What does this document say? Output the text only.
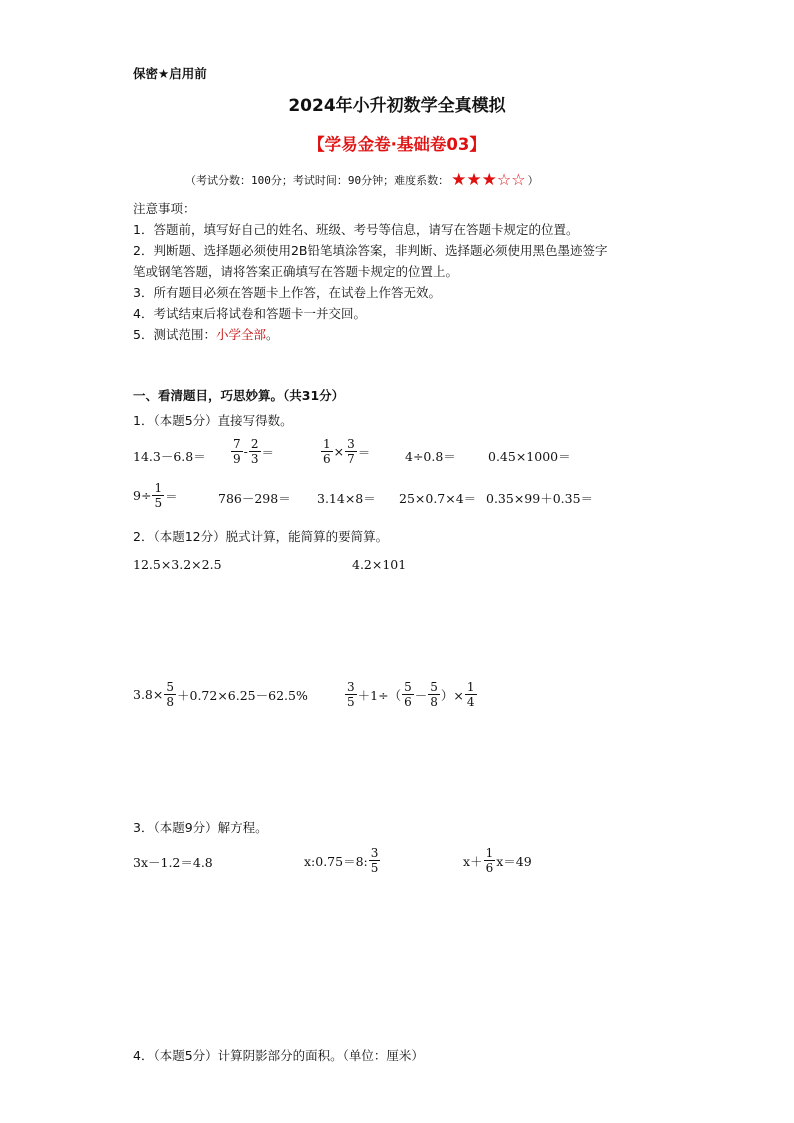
保密★启用前
2024年小升初数学全真模拟
【学易金卷·基础卷03】
（考试分数：100分；考试时间：90分钟；难度系数： ★ ★ ★ ☆ ☆ ）
注意事项：
1．答题前，填写好自己的姓名、班级、考号等信息，请写在答题卡规定的位置。
2．判断题、选择题必须使用2B铅笔填涂答案，非判断、选择题必须使用黑色墨迹签字
笔或钢笔答题，请将答案正确填写在答题卡规定的位置上。
3．所有题目必须在答题卡上作答，在试卷上作答无效。
4．考试结束后将试卷和答题卡一并交回。
5．测试范围：小学全部。
一、看清题目，巧思妙算。（共31分）
1．（本题5分）直接写得数。
$14.3-6.8= \frac{7}{9} - \frac{2}{3}$ ＝	$\frac{1}{6} \times \frac{3}{7}$ ＝	4÷0.8＝	0.45×1000＝
$9\div \frac{1}{5}$ ＝	786－298＝ 3.14×8＝ 25×0.7×4＝ 0.35×99＋0.35＝
2．（本题12分）脱式计算，能简算的要简算。
12.5×3.2×2.5	4.2×101
$3.8\times \frac{5}{8} +0.72\times 6.25-62.5\%$	$\frac{3}{5} +1\div( \frac{5}{6} - \frac{5}{8}$ ）× $\frac{1}{4}$
3．（本题9分）解方程。
3x－1.2＝4.8	x:0.75＝8: $\frac{3}{5}$	$x+ \frac{1}{6} x=49$
4．（本题5分）计算阴影部分的面积。（单位：厘米）
